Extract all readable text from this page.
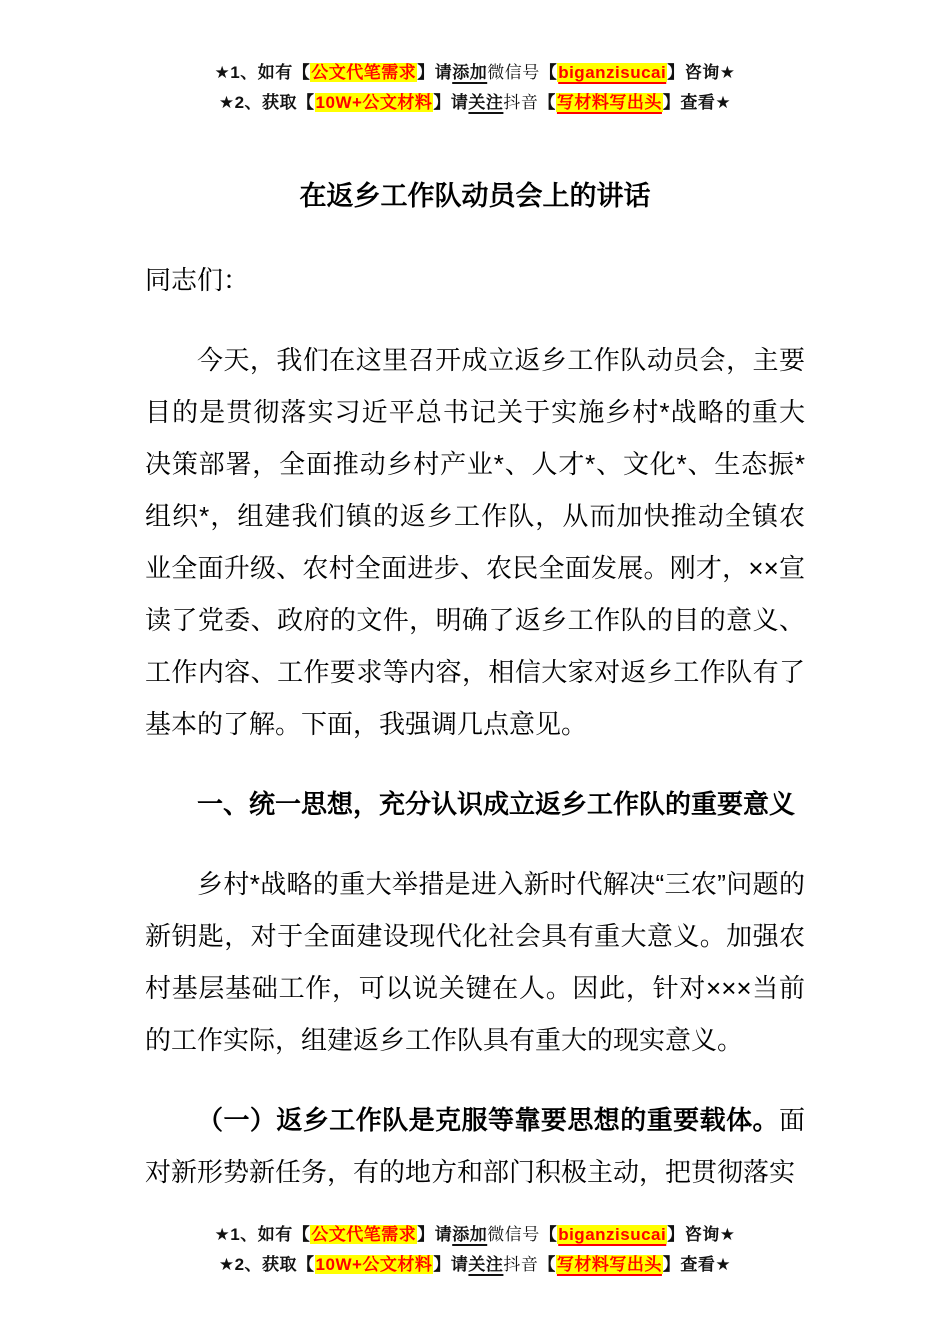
★1、如有【公文代笔需求】请添加微信号【biganzisucai】咨询★
★2、获取【10W+公文材料】请关注抖音【写材料写出头】查看★
在返乡工作队动员会上的讲话

同志们：

今天，我们在这里召开成立返乡工作队动员会，主要目的是贯彻落实习近平总书记关于实施乡村*战略的重大决策部署，全面推动乡村产业*、人才*、文化*、生态振*组织*，组建我们镇的返乡工作队，从而加快推动全镇农业全面升级、农村全面进步、农民全面发展。刚才，××宣读了党委、政府的文件，明确了返乡工作队的目的意义、工作内容、工作要求等内容，相信大家对返乡工作队有了基本的了解。下面，我强调几点意见。

一、统一思想，充分认识成立返乡工作队的重要意义

乡村*战略的重大举措是进入新时代解决“三农”问题的新钥匙，对于全面建设现代化社会具有重大意义。加强农村基层基础工作，可以说关键在人。因此，针对×××当前的工作实际，组建返乡工作队具有重大的现实意义。

（一）返乡工作队是克服等靠要思想的重要载体。面对新形势新任务，有的地方和部门积极主动，把贯彻落实

★1、如有【公文代笔需求】请添加微信号【biganzisucai】咨询★
★2、获取【10W+公文材料】请关注抖音【写材料写出头】查看★
